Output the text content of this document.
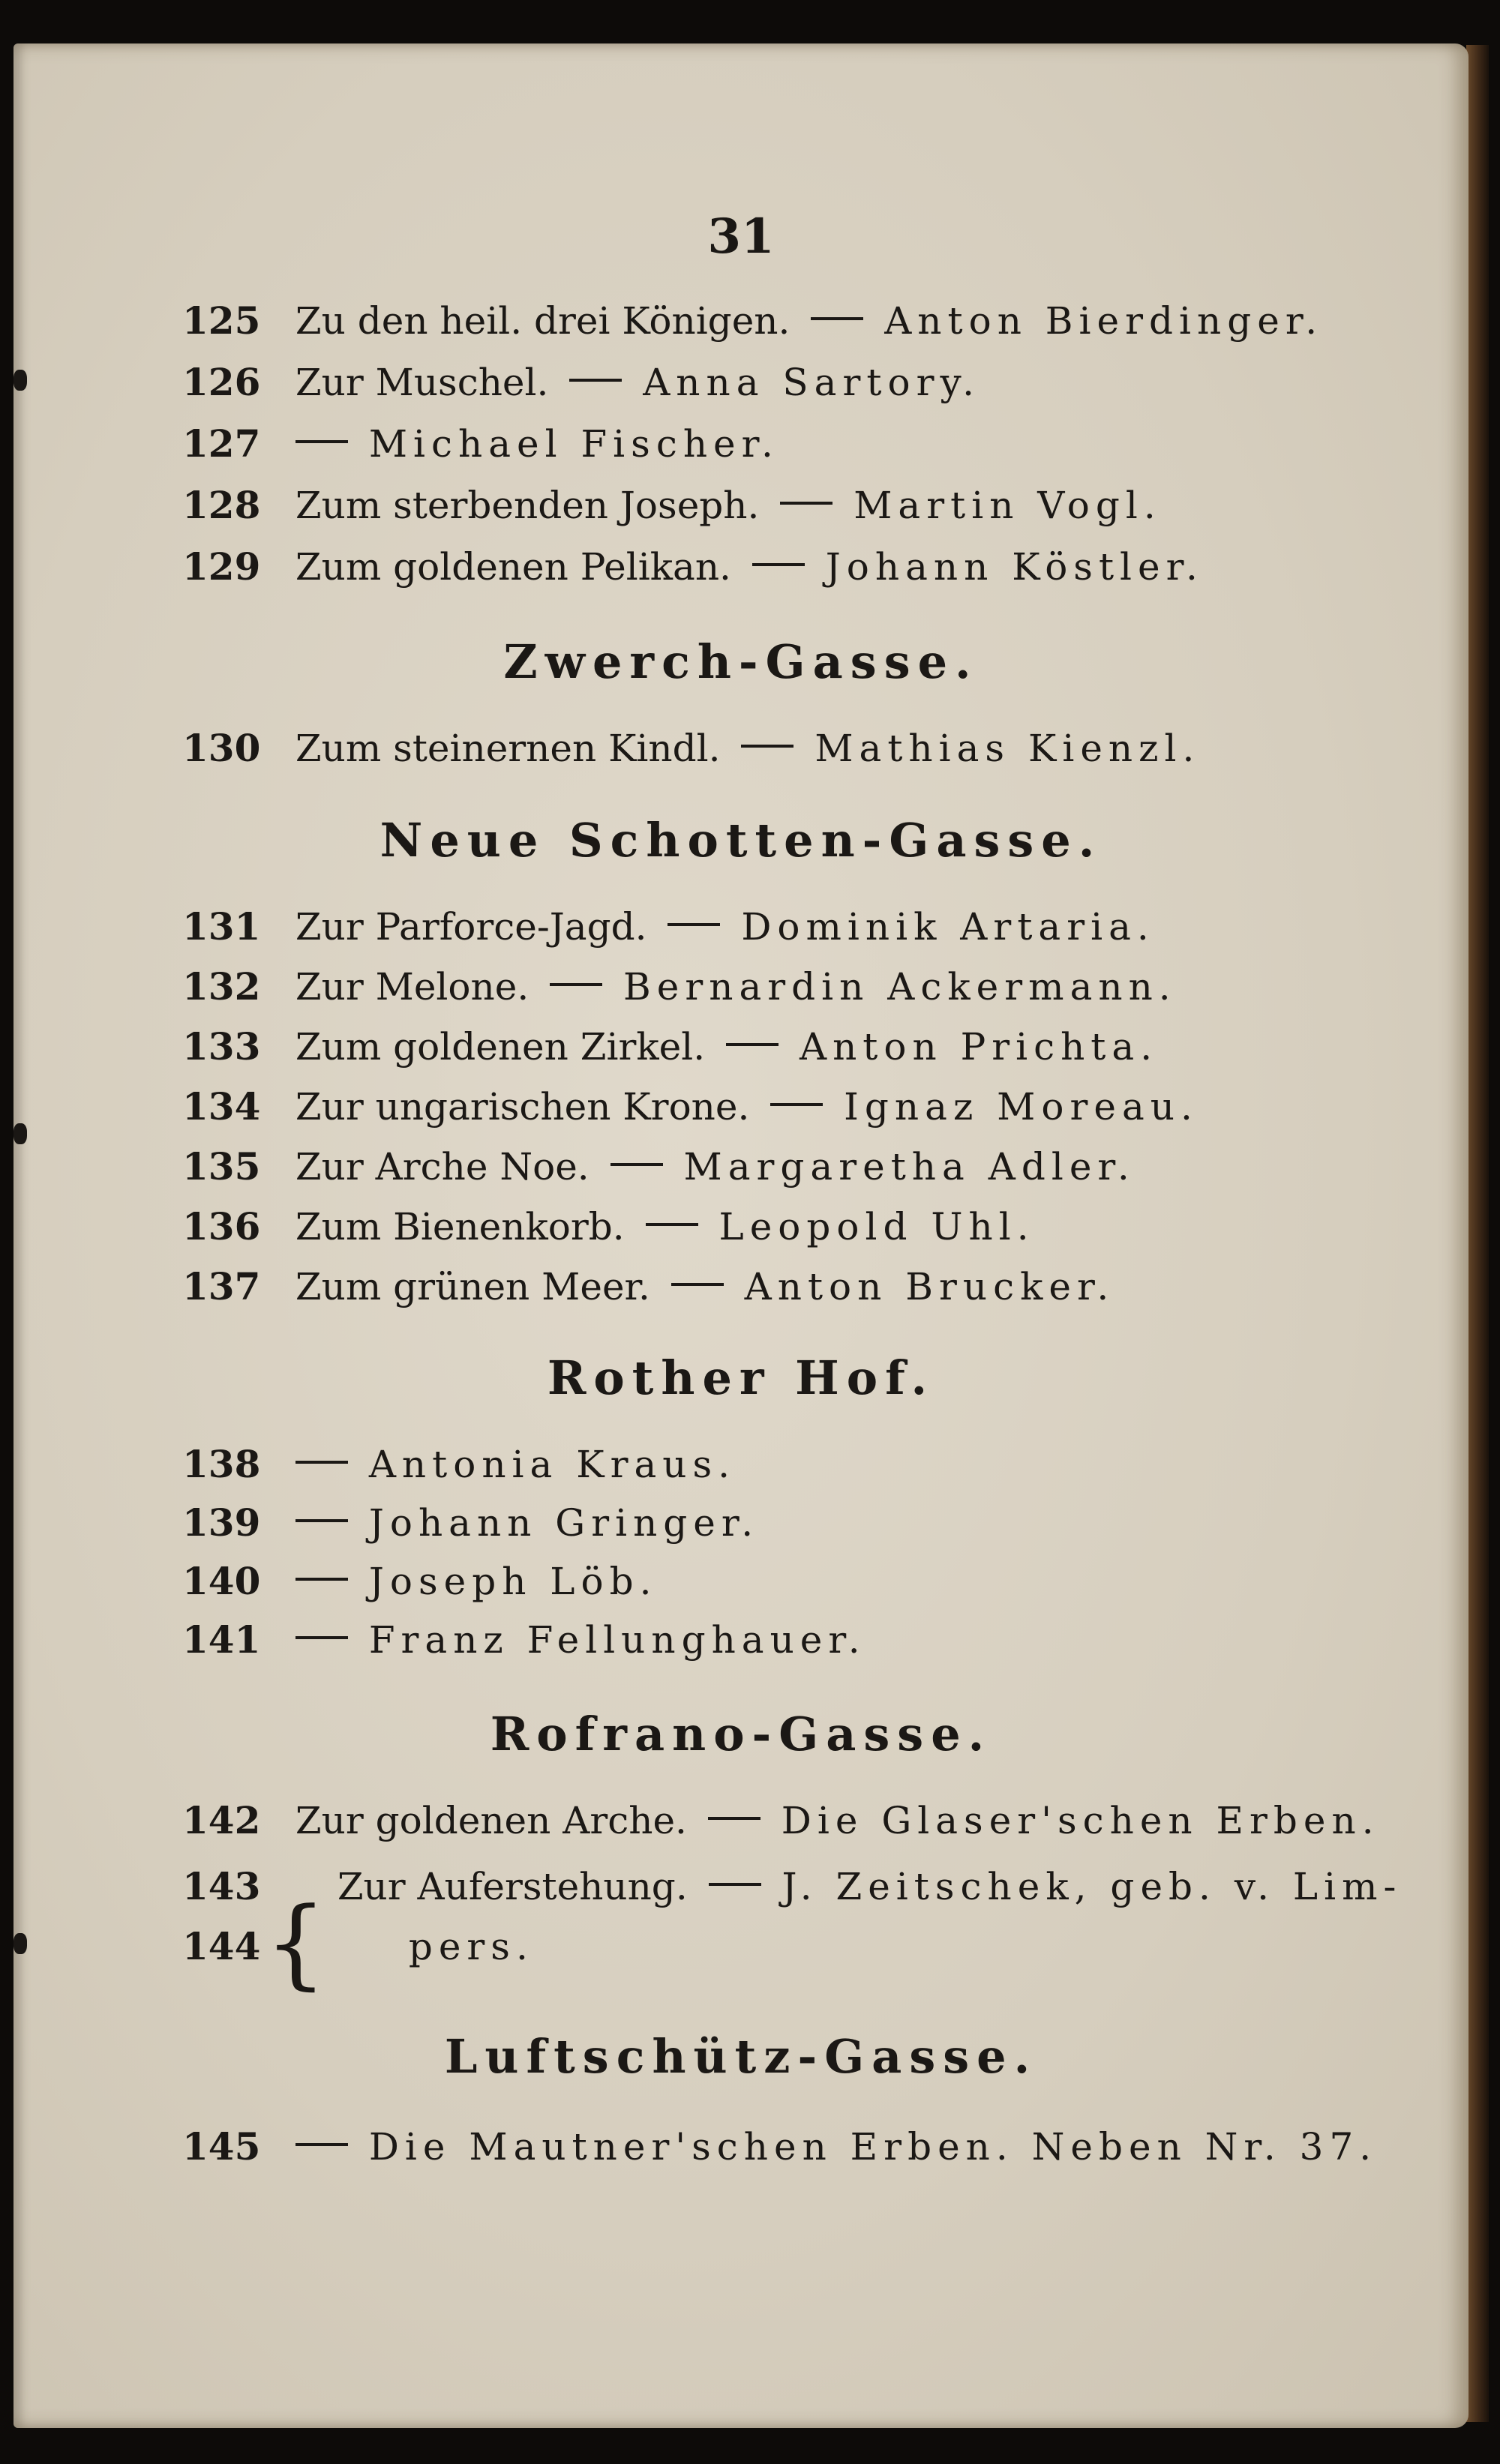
31
125 Zu den heil. drei Königen.	Anton Bierdinger.
126 Zur Muschel.	Anna Sartory.
127	Michael Fischer.
128 Zum sterbenden Joseph.	Martin Vogl.
129 Zum goldenen Pelikan.	Johann Köstler.
Zwerch-Gasse.
130 Zum steinernen Kindl.	Mathias Kienzl.
Neue Schotten-Gasse.
131 Zur Parforce-Jagd.	Dominik Artaria.
132 Zur Melone.	Bernardin Ackermann.
133 Zum goldenen Zirkel.	Anton Prichta.
134 Zur ungarischen Krone.	Ignaz Moreau.
135 Zur Arche Noe.	Margaretha Adler.
136 Zum Bienenkorb.	Leopold Uhl.
137 Zum grünen Meer.	Anton Brucker.
Rother Hof.
138	Antonia Kraus.
139	Johann Gringer.
140	Joseph Löb.
141	Franz Fellunghauer.
Rofrano-Gasse.
142 Zur goldenen Arche.	Die Glaser'schen Erben.
143 Zur Auferstehung.	J. Zeitschek, geb. v. Lim-
144	pers.
{
Luftschütz-Gasse.
145	Die Mautner'schen Erben. Neben Nr. 37.
